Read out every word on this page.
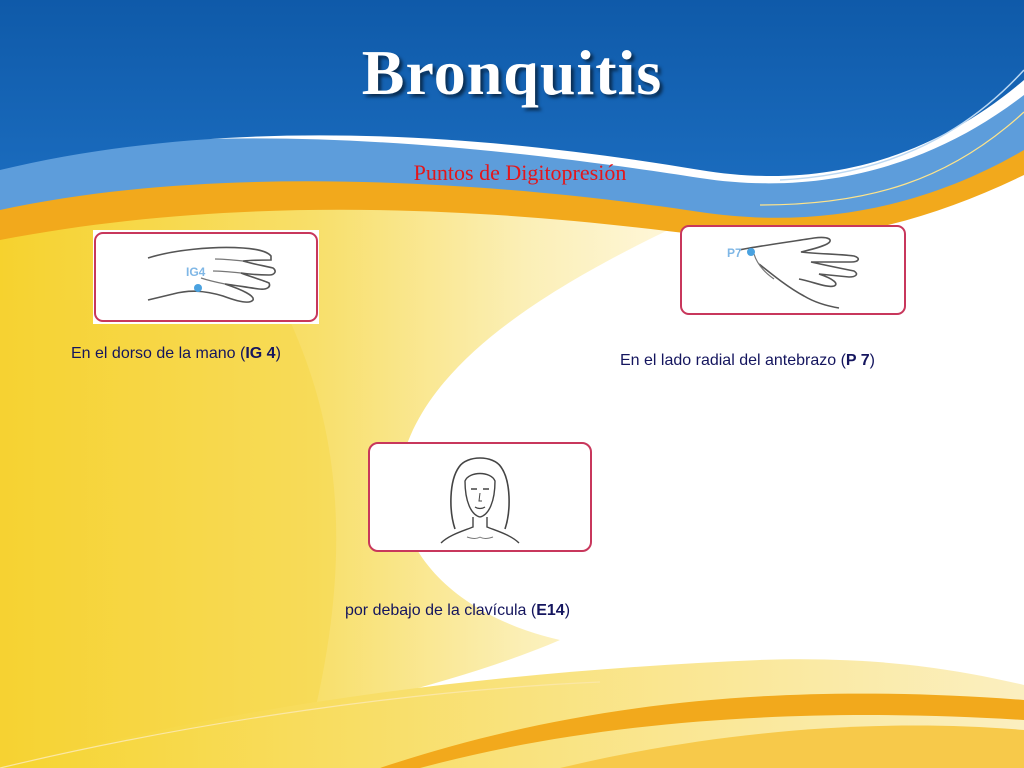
Bronquitis
Puntos de Digitopresión
IG4
P7
En el dorso de la mano (IG 4)	En el lado radial del antebrazo (P 7)
por debajo de la clavícula (E14)
